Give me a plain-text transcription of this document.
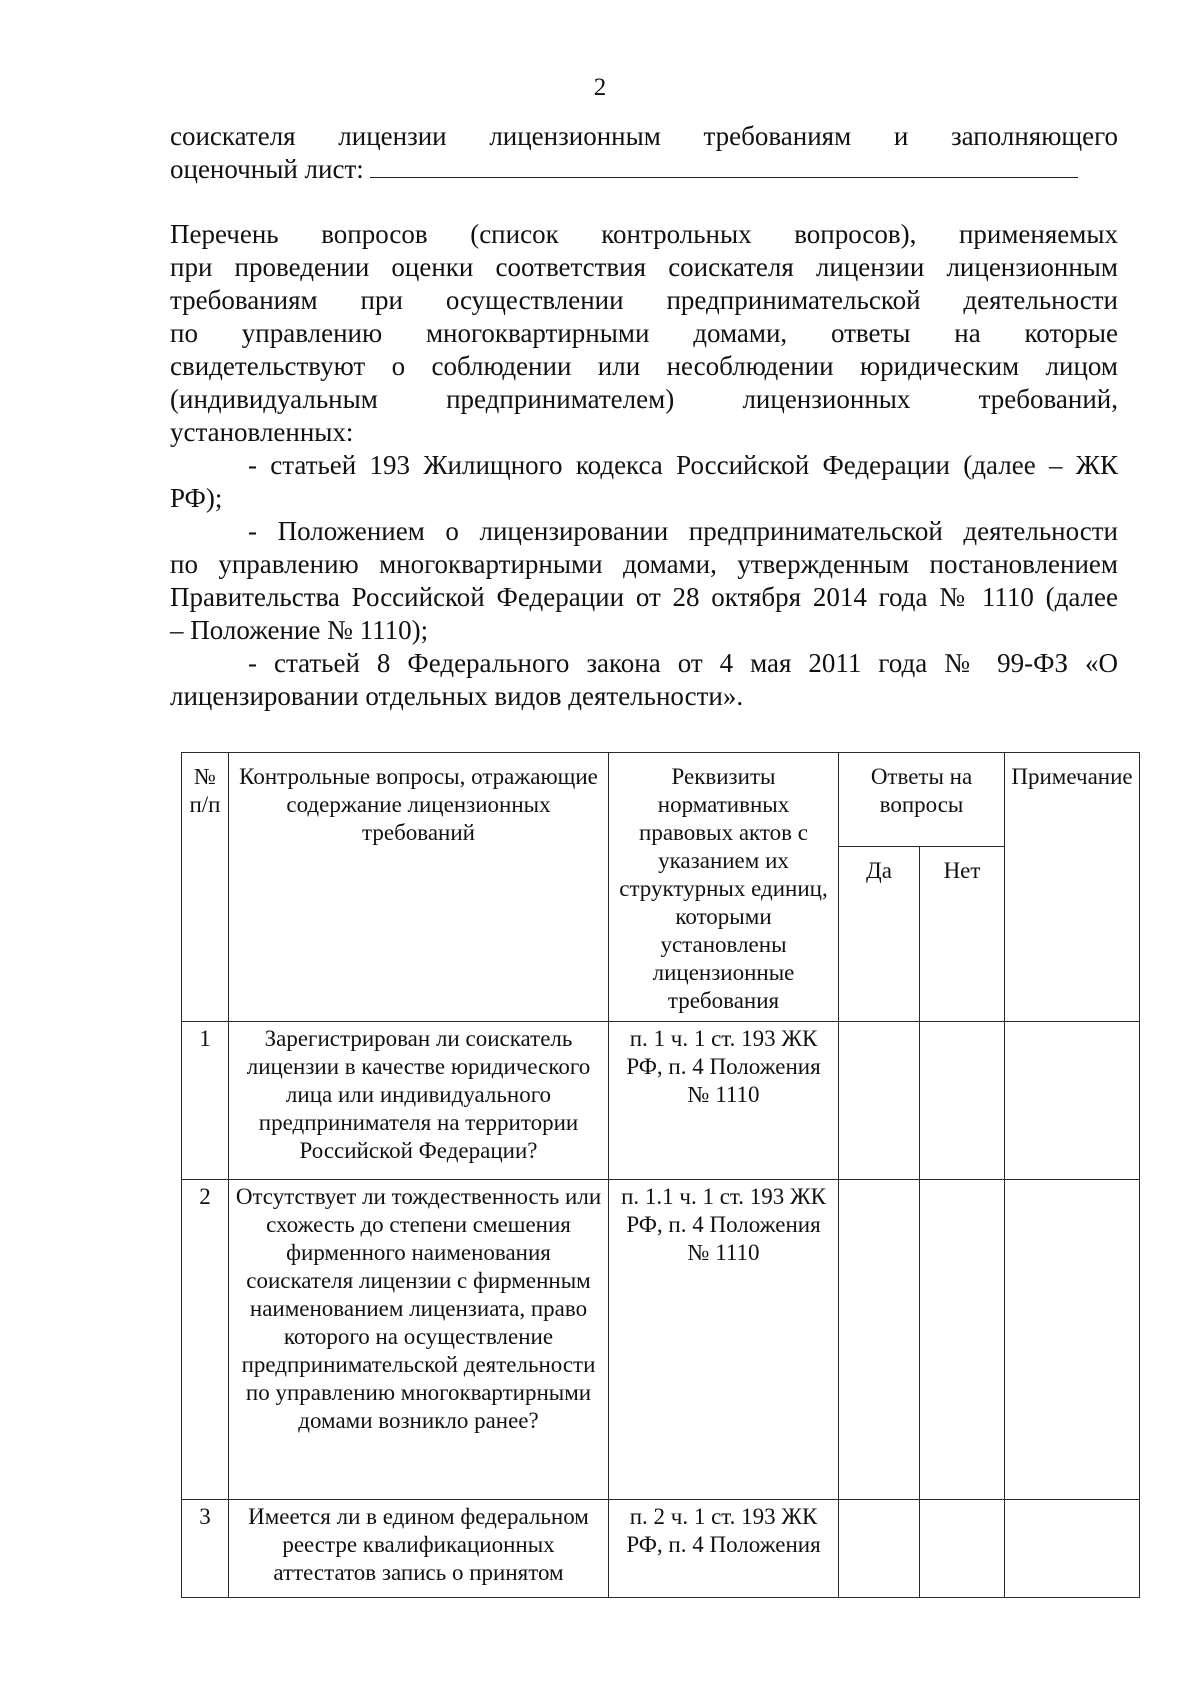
2
соискателя лицензии лицензионным требованиям и заполняющего
оценочный лист:
Перечень вопросов (список контрольных вопросов), применяемых
при проведении оценки соответствия соискателя лицензии лицензионным
требованиям при осуществлении предпринимательской деятельности
по управлению многоквартирными домами, ответы на которые
свидетельствуют о соблюдении или несоблюдении юридическим лицом
(индивидуальным предпринимателем) лицензионных требований,
установленных:
- статьей 193 Жилищного кодекса Российской Федерации (далее – ЖК
РФ);
- Положением о лицензировании предпринимательской деятельности
по управлению многоквартирными домами, утвержденным постановлением
Правительства Российской Федерации от 28 октября 2014 года № 1110 (далее
– Положение № 1110);
- статьей 8 Федерального закона от 4 мая 2011 года № 99-ФЗ «О
лицензировании отдельных видов деятельности».
№ п/п	Контрольные вопросы, отражающие содержание лицензионных требований	Реквизиты нормативных правовых актов с указанием их структурных единиц, которыми установлены лицензионные требования	Ответы на вопросы		Примечание
			Да	Нет	
1	Зарегистрирован ли соискатель лицензии в качестве юридического лица или индивидуального предпринимателя на территории Российской Федерации?	п. 1 ч. 1 ст. 193 ЖК РФ, п. 4 Положения № 1110			
2	Отсутствует ли тождественность или схожесть до степени смешения фирменного наименования соискателя лицензии с фирменным наименованием лицензиата, право которого на осуществление предпринимательской деятельности по управлению многоквартирными домами возникло ранее?	п. 1.1 ч. 1 ст. 193 ЖК РФ, п. 4 Положения № 1110			
3	Имеется ли в едином федеральном реестре квалификационных аттестатов запись о принятом	п. 2 ч. 1 ст. 193 ЖК РФ, п. 4 Положения			
